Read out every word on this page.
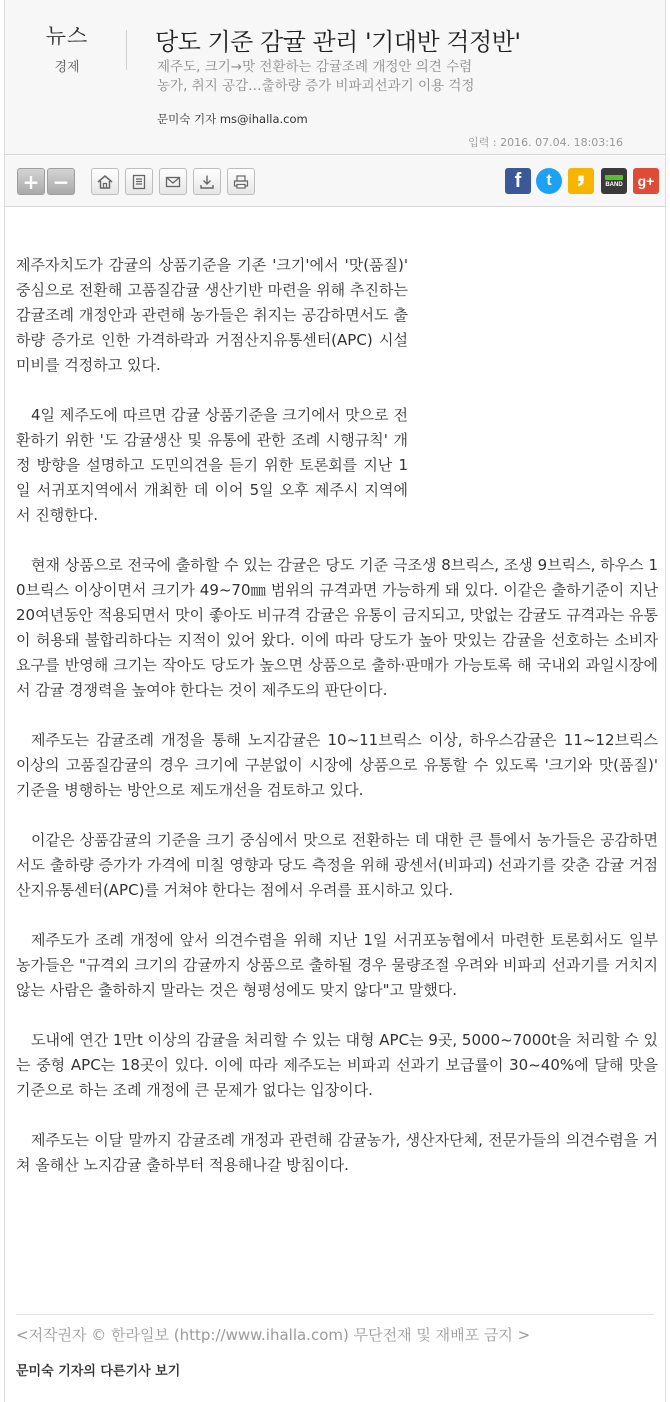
뉴스
경제
당도 기준 감귤 관리 '기대반 걱정반'
제주도, 크기→맛 전환하는 감귤조례 개정안 의견 수렴
농가, 취지 공감…출하량 증가 비파괴선과기 이용 걱정
문미숙 기자 ms@ihalla.com
입력 : 2016. 07.04. 18:03:16
+ −	f t	BAND g+

제주자치도가 감귤의 상품기준을 기존 '크기'에서 '맛(품질)' 중심으로 전환해 고품질감귤 생산기반 마련을 위해 추진하는 감귤조례 개정안과 관련해 농가들은 취지는 공감하면서도 출하량 증가로 인한 가격하락과 거점산지유통센터(APC) 시설 미비를 걱정하고 있다.

4일 제주도에 따르면 감귤 상품기준을 크기에서 맛으로 전환하기 위한 '도 감귤생산 및 유통에 관한 조례 시행규칙' 개정 방향을 설명하고 도민의견을 듣기 위한 토론회를 지난 1일 서귀포지역에서 개최한 데 이어 5일 오후 제주시 지역에서 진행한다.

현재 상품으로 전국에 출하할 수 있는 감귤은 당도 기준 극조생 8브릭스, 조생 9브릭스, 하우스 10브릭스 이상이면서 크기가 49~70㎜ 범위의 규격과면 가능하게 돼 있다. 이같은 출하기준이 지난 20여년동안 적용되면서 맛이 좋아도 비규격 감귤은 유통이 금지되고, 맛없는 감귤도 규격과는 유통이 허용돼 불합리하다는 지적이 있어 왔다. 이에 따라 당도가 높아 맛있는 감귤을 선호하는 소비자 요구를 반영해 크기는 작아도 당도가 높으면 상품으로 출하·판매가 가능토록 해 국내외 과일시장에서 감귤 경쟁력을 높여야 한다는 것이 제주도의 판단이다.

제주도는 감귤조례 개정을 통해 노지감귤은 10~11브릭스 이상, 하우스감귤은 11~12브릭스 이상의 고품질감귤의 경우 크기에 구분없이 시장에 상품으로 유통할 수 있도록 '크기와 맛(품질)' 기준을 병행하는 방안으로 제도개선을 검토하고 있다.

이같은 상품감귤의 기준을 크기 중심에서 맛으로 전환하는 데 대한 큰 틀에서 농가들은 공감하면서도 출하량 증가가 가격에 미칠 영향과 당도 측정을 위해 광센서(비파괴) 선과기를 갖춘 감귤 거점산지유통센터(APC)를 거쳐야 한다는 점에서 우려를 표시하고 있다.

제주도가 조례 개정에 앞서 의견수렴을 위해 지난 1일 서귀포농협에서 마련한 토론회서도 일부 농가들은 "규격외 크기의 감귤까지 상품으로 출하될 경우 물량조절 우려와 비파괴 선과기를 거치지 않는 사람은 출하하지 말라는 것은 형평성에도 맞지 않다"고 말했다.

도내에 연간 1만t 이상의 감귤을 처리할 수 있는 대형 APC는 9곳, 5000~7000t을 처리할 수 있는 중형 APC는 18곳이 있다. 이에 따라 제주도는 비파괴 선과기 보급률이 30~40%에 달해 맛을 기준으로 하는 조례 개정에 큰 문제가 없다는 입장이다.

제주도는 이달 말까지 감귤조례 개정과 관련해 감귤농가, 생산자단체, 전문가들의 의견수렴을 거쳐 올해산 노지감귤 출하부터 적용해나갈 방침이다.

<저작권자 © 한라일보 (http://www.ihalla.com) 무단전재 및 재배포 금지 >
문미숙 기자의 다른기사 보기
